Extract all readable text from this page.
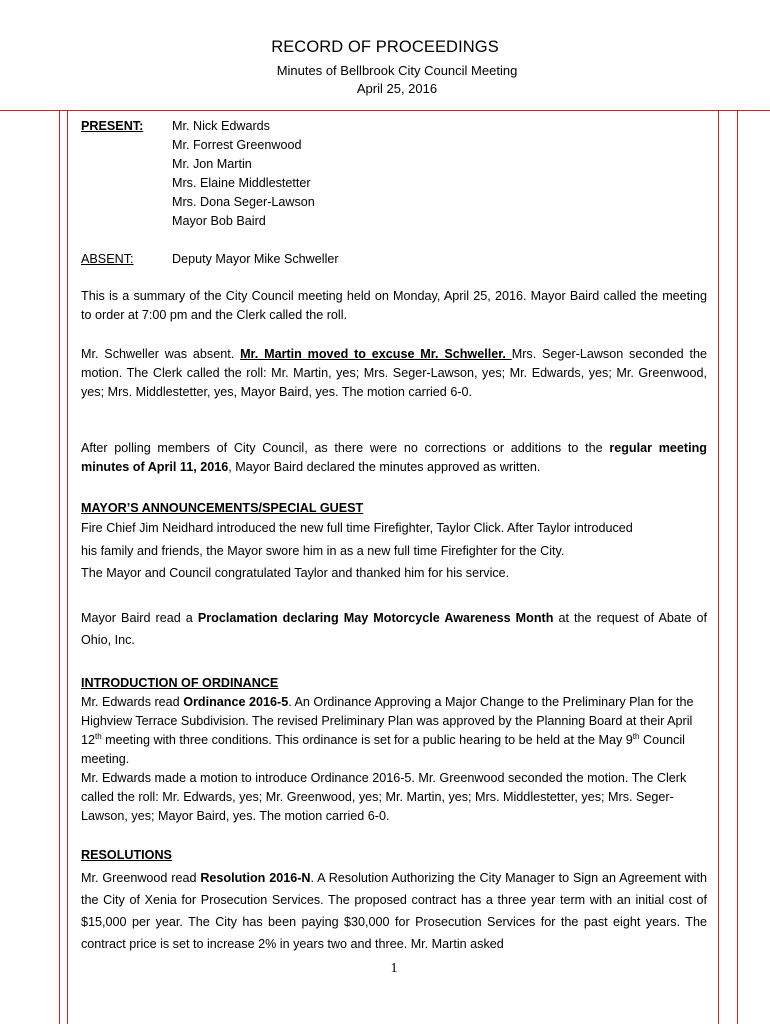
RECORD OF PROCEEDINGS
Minutes of Bellbrook City Council Meeting
April 25, 2016
PRESENT: Mr. Nick Edwards
Mr. Forrest Greenwood
Mr. Jon Martin
Mrs. Elaine Middlestetter
Mrs. Dona Seger-Lawson
Mayor Bob Baird
ABSENT:	Deputy Mayor Mike Schweller
This is a summary of the City Council meeting held on Monday, April 25, 2016. Mayor Baird called the meeting to order at 7:00 pm and the Clerk called the roll.
Mr. Schweller was absent. Mr. Martin moved to excuse Mr. Schweller. Mrs. Seger-Lawson seconded the motion. The Clerk called the roll: Mr. Martin, yes; Mrs. Seger-Lawson, yes; Mr. Edwards, yes; Mr. Greenwood, yes; Mrs. Middlestetter, yes, Mayor Baird, yes. The motion carried 6-0.
After polling members of City Council, as there were no corrections or additions to the regular meeting minutes of April 11, 2016, Mayor Baird declared the minutes approved as written.
MAYOR’S ANNOUNCEMENTS/SPECIAL GUEST
Fire Chief Jim Neidhard introduced the new full time Firefighter, Taylor Click. After Taylor introduced
his family and friends, the Mayor swore him in as a new full time Firefighter for the City.
The Mayor and Council congratulated Taylor and thanked him for his service.
Mayor Baird read a Proclamation declaring May Motorcycle Awareness Month at the request of Abate of Ohio, Inc.
INTRODUCTION OF ORDINANCE
Mr. Edwards read Ordinance 2016-5. An Ordinance Approving a Major Change to the Preliminary Plan for the Highview Terrace Subdivision. The revised Preliminary Plan was approved by the Planning Board at their April 12th meeting with three conditions. This ordinance is set for a public hearing to be held at the May 9th Council meeting.
Mr. Edwards made a motion to introduce Ordinance 2016-5. Mr. Greenwood seconded the motion. The Clerk called the roll: Mr. Edwards, yes; Mr. Greenwood, yes; Mr. Martin, yes; Mrs. Middlestetter, yes; Mrs. Seger-Lawson, yes; Mayor Baird, yes. The motion carried 6-0.
RESOLUTIONS
Mr. Greenwood read Resolution 2016-N. A Resolution Authorizing the City Manager to Sign an Agreement with the City of Xenia for Prosecution Services. The proposed contract has a three year term with an initial cost of $15,000 per year. The City has been paying $30,000 for Prosecution Services for the past eight years. The contract price is set to increase 2% in years two and three. Mr. Martin asked
1
